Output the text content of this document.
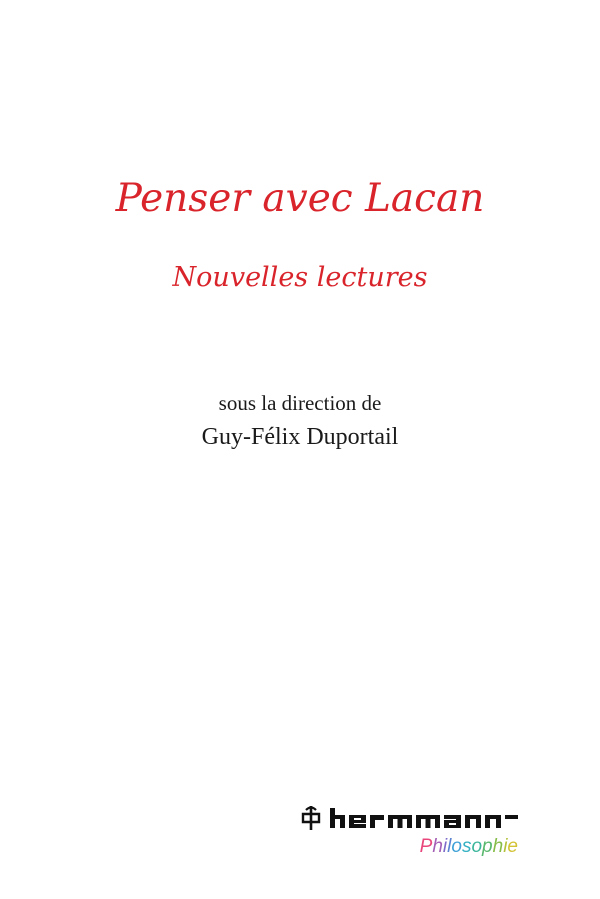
Penser avec Lacan
Nouvelles lectures

sous la direction de

Guy-Félix Duportail

Philosophie
